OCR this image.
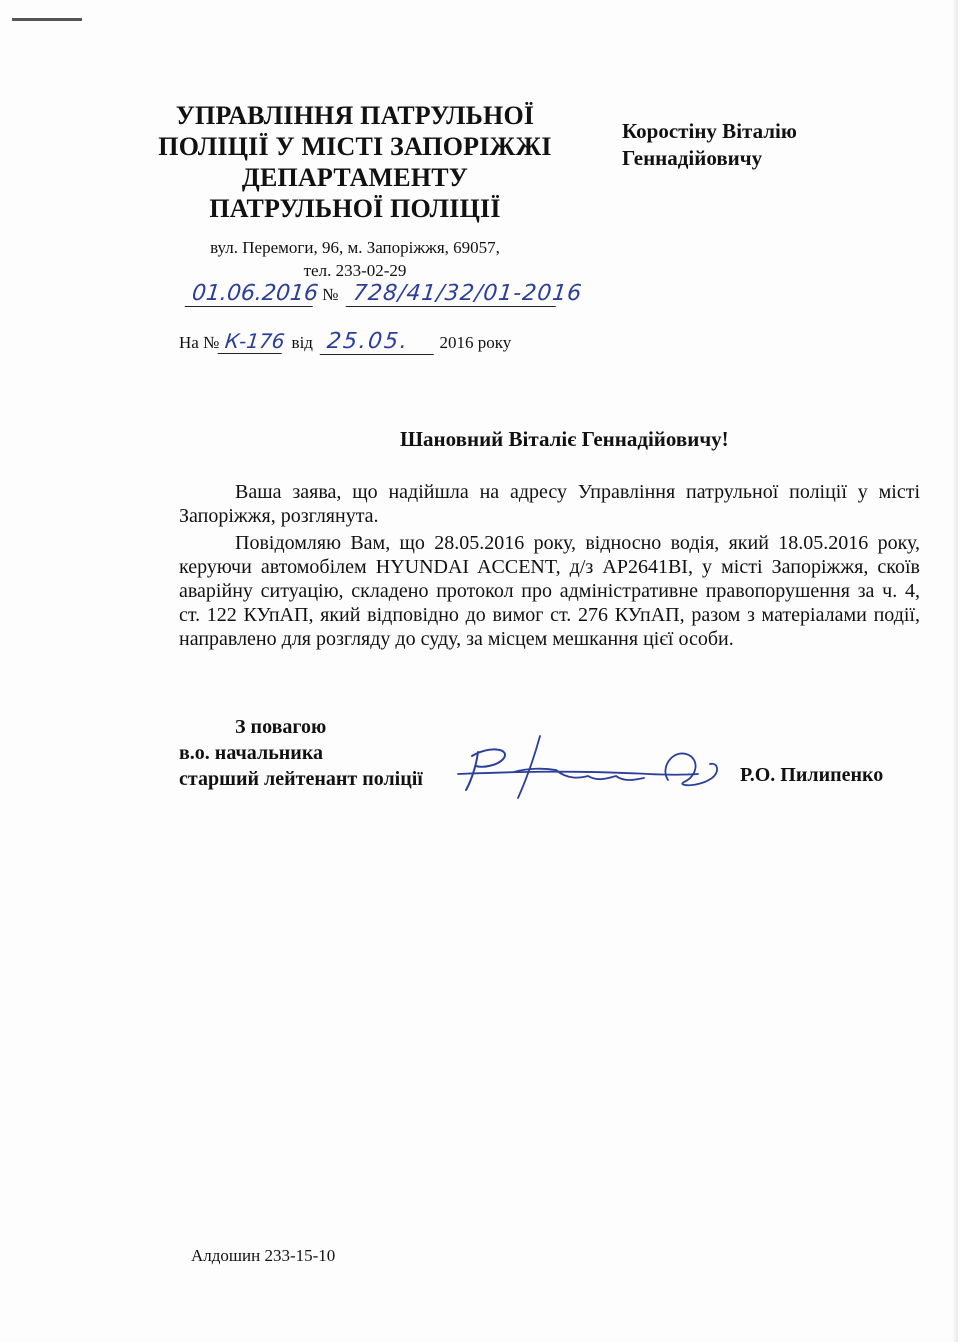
УПРАВЛІННЯ ПАТРУЛЬНОЇ
ПОЛІЦІЇ У МІСТІ ЗАПОРІЖЖІ
ДЕПАРТАМЕНТУ
ПАТРУЛЬНОЇ ПОЛІЦІЇ
вул. Перемоги, 96, м. Запоріжжя, 69057,
тел. 233-02-29
Коростіну Віталію
Геннадійовичу
01.06.2016 № 728/41/32/01-2016
На № К-176 від 25.05. 2016 року
Шановний Віталіє Геннадійовичу!

Ваша заява, що надійшла на адресу Управління патрульної поліції у місті Запоріжжя, розглянута.

Повідомляю Вам, що 28.05.2016 року, відносно водія, який 18.05.2016 року, керуючи автомобілем HYUNDAI ACCENT, д/з АР2641ВІ, у місті Запоріжжя, скоїв аварійну ситуацію, складено протокол про адміністративне правопорушення за ч. 4, ст. 122 КУпАП, який відповідно до вимог ст. 276 КУпАП, разом з матеріалами події, направлено для розгляду до суду, за місцем мешкання цієї особи.

З повагою
в.о. начальника
старший лейтенант поліції	Р.О. Пилипенко
Алдошин 233-15-10
